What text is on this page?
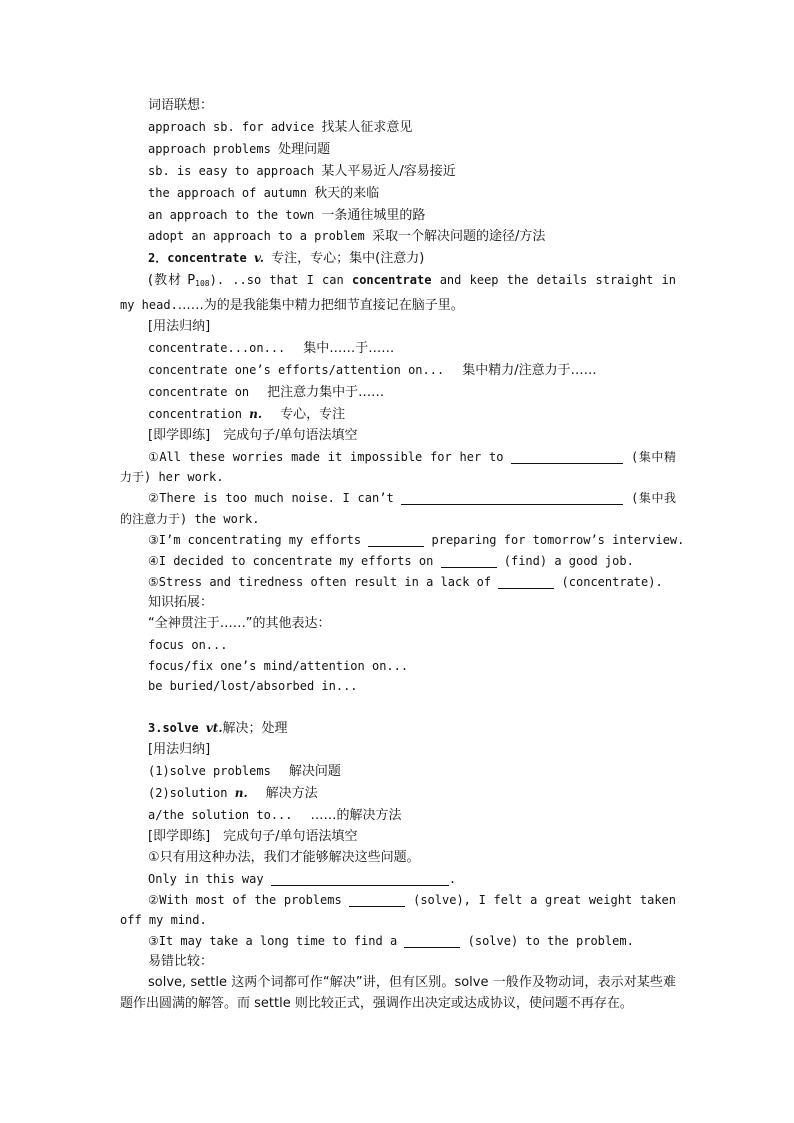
词语联想：
approach sb. for advice 找某人征求意见
approach problems 处理问题
sb. is easy to approach 某人平易近人/容易接近
the approach of autumn 秋天的来临
an approach to the town 一条通往城里的路
adopt an approach to a problem 采取一个解决问题的途径/方法
2．concentrate v. 专注，专心；集中(注意力)
(教材 $P_{108}$). ..so that I can concentrate and keep the details straight in my head.……为的是我能集中精力把细节直接记在脑子里。
[用法归纳]
concentrate...on... 集中……于……
concentrate one’s efforts/attention on... 集中精力/注意力于……
concentrate on 把注意力集中于……
concentration n. 专心，专注
[即学即练]　完成句子/单句语法填空
①All these worries made it impossible for her to	(集中精力于) her work.
②There is too much noise. I can’t	(集中我的注意力于) the work.
③I’m concentrating my efforts	preparing for tomorrow’s interview.
④I decided to concentrate my efforts on	(find) a good job.
⑤Stress and tiredness often result in a lack of	(concentrate).
知识拓展：
“全神贯注于……”的其他表达：
focus on...
focus/fix one’s mind/attention on...
be buried/lost/absorbed in...
3.solve vt.解决；处理
[用法归纳]
(1)solve problems 解决问题
(2)solution n. 解决方法
a/the solution to... ……的解决方法
[即学即练]　完成句子/单句语法填空
①只有用这种办法，我们才能够解决这些问题。
Only in this way	.
②With most of the problems	(solve), I felt a great weight taken off my mind.
③It may take a long time to find a	(solve) to the problem.
易错比较：
solve, settle 这两个词都可作“解决”讲，但有区别。solve 一般作及物动词，表示对某些难题作出圆满的解答。而 settle 则比较正式，强调作出决定或达成协议，使问题不再存在。
